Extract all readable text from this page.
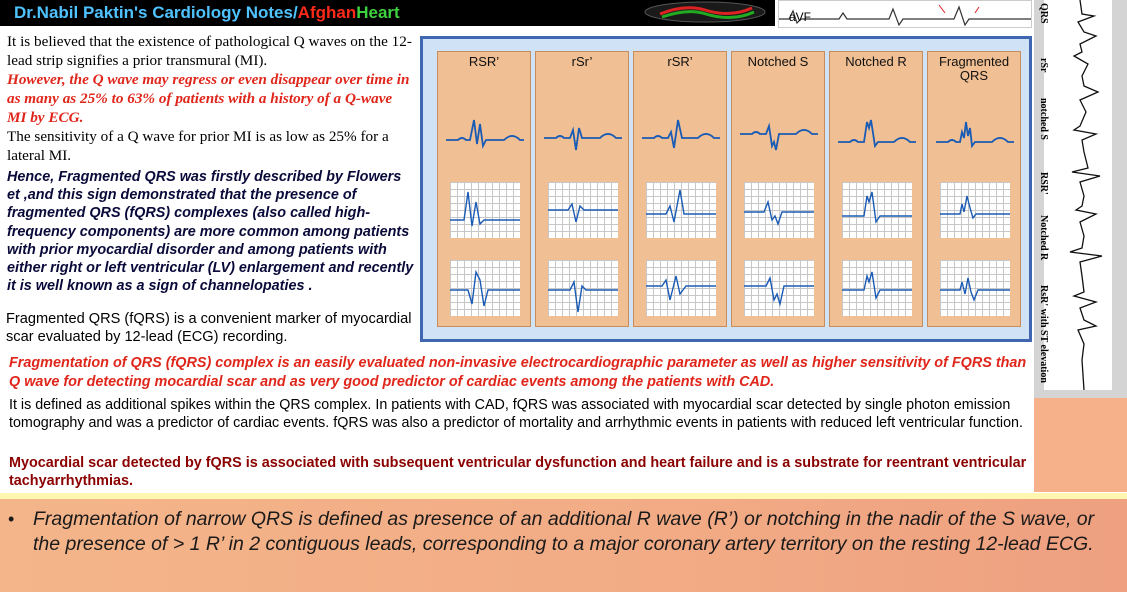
Dr.Nabil Paktin's Cardiology Notes/AfghanHeart	aVF
It is believed that the existence of pathological Q waves on the 12-lead strip signifies a prior transmural (MI).
However, the Q wave may regress or even disappear over time in as many as 25% to 63% of patients with a history of a Q-wave MI by ECG.
The sensitivity of a Q wave for prior MI is as low as 25% for a lateral MI.
Hence, Fragmented QRS was firstly described by Flowers et ,and this sign demonstrated that the presence of fragmented QRS (fQRS) complexes (also called high-frequency components) are more common among patients with prior myocardial disorder and among patients with either right or left ventricular (LV) enlargement and recently it is well known as a sign of channelopaties .
Fragmented QRS (fQRS) is a convenient marker of myocardial scar evaluated by 12-lead (ECG) recording.
RSR’	rSr’	rSR’	Notched S	Notched R	Fragmented QRS
QRS
rSr
notched S
RSR'
Notched R
RsR' with ST elevation
Fragmentation of QRS (fQRS) complex is an easily evaluated non-invasive electrocardiographic parameter as well as higher sensitivity of FQRS than Q wave for detecting mocardial scar and as very good predictor of cardiac events among the patients with CAD.
It is defined as additional spikes within the QRS complex. In patients with CAD, fQRS was associated with myocardial scar detected by single photon emission tomography and was a predictor of cardiac events. fQRS was also a predictor of mortality and arrhythmic events in patients with reduced left ventricular function.
Myocardial scar detected by fQRS is associated with subsequent ventricular dysfunction and heart failure and is a substrate for reentrant ventricular tachyarrhythmias.
• Fragmentation of narrow QRS is defined as presence of an additional R wave (R’) or notching in the nadir of the S wave, or the presence of > 1 R’ in 2 contiguous leads, corresponding to a major coronary artery territory on the resting 12-lead ECG.
